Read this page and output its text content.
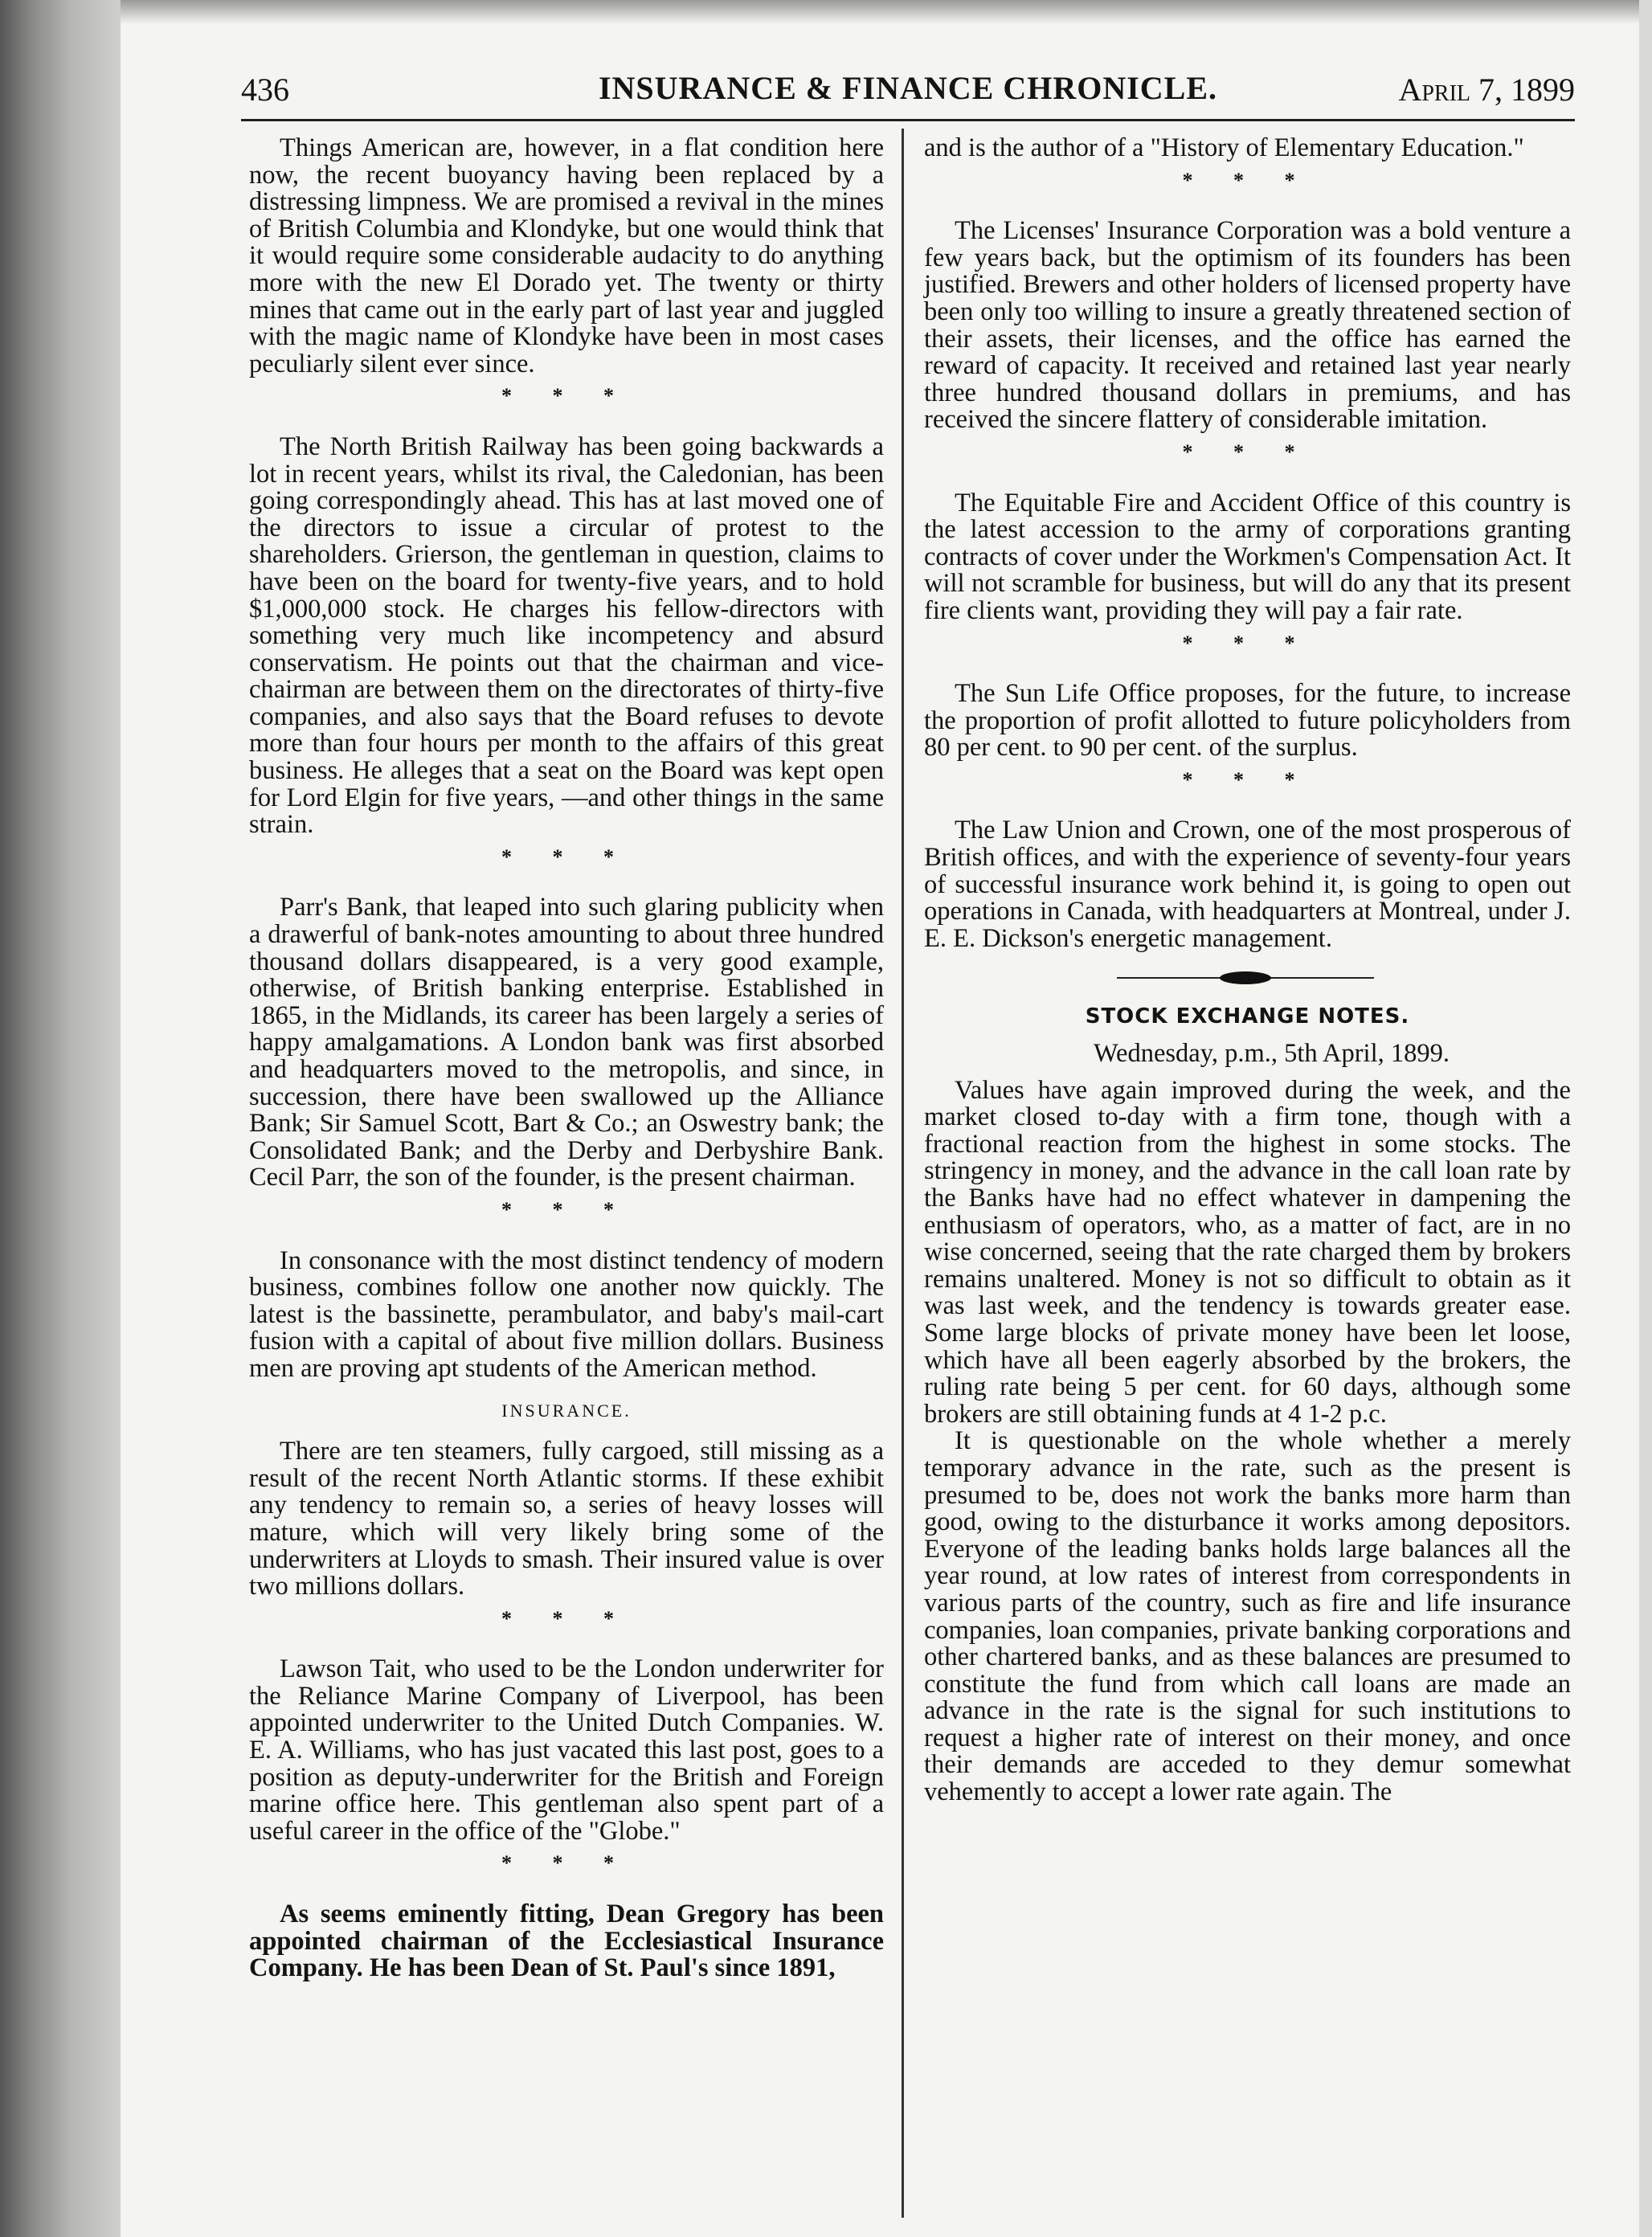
436	INSURANCE & FINANCE CHRONICLE.	April 7, 1899

Things American are, however, in a flat condition here now, the recent buoyancy having been replaced by a distressing limpness. We are promised a revival in the mines of British Columbia and Klondyke, but one would think that it would require some considerable audacity to do anything more with the new El Dorado yet. The twenty or thirty mines that came out in the early part of last year and juggled with the magic name of Klondyke have been in most cases peculiarly silent ever since.

* * *

The North British Railway has been going backwards a lot in recent years, whilst its rival, the Caledonian, has been going correspondingly ahead. This has at last moved one of the directors to issue a circular of protest to the shareholders. Grierson, the gentleman in question, claims to have been on the board for twenty-five years, and to hold $1,000,000 stock. He charges his fellow-directors with something very much like incompetency and absurd conservatism. He points out that the chairman and vice-chairman are between them on the directorates of thirty-five companies, and also says that the Board refuses to devote more than four hours per month to the affairs of this great business. He alleges that a seat on the Board was kept open for Lord Elgin for five years, —and other things in the same strain.

* * *

Parr's Bank, that leaped into such glaring publicity when a drawerful of bank-notes amounting to about three hundred thousand dollars disappeared, is a very good example, otherwise, of British banking enterprise. Established in 1865, in the Midlands, its career has been largely a series of happy amalgamations. A London bank was first absorbed and headquarters moved to the metropolis, and since, in succession, there have been swallowed up the Alliance Bank; Sir Samuel Scott, Bart & Co.; an Oswestry bank; the Consolidated Bank; and the Derby and Derbyshire Bank. Cecil Parr, the son of the founder, is the present chairman.

* * *

In consonance with the most distinct tendency of modern business, combines follow one another now quickly. The latest is the bassinette, perambulator, and baby's mail-cart fusion with a capital of about five million dollars. Business men are proving apt students of the American method.

INSURANCE.

There are ten steamers, fully cargoed, still missing as a result of the recent North Atlantic storms. If these exhibit any tendency to remain so, a series of heavy losses will mature, which will very likely bring some of the underwriters at Lloyds to smash. Their insured value is over two millions dollars.

* * *

Lawson Tait, who used to be the London underwriter for the Reliance Marine Company of Liverpool, has been appointed underwriter to the United Dutch Companies. W. E. A. Williams, who has just vacated this last post, goes to a position as deputy-underwriter for the British and Foreign marine office here. This gentleman also spent part of a useful career in the office of the "Globe."

* * *

As seems eminently fitting, Dean Gregory has been appointed chairman of the Ecclesiastical Insurance Company. He has been Dean of St. Paul's since 1891,

and is the author of a "History of Elementary Education."

* * *

The Licenses' Insurance Corporation was a bold venture a few years back, but the optimism of its founders has been justified. Brewers and other holders of licensed property have been only too willing to insure a greatly threatened section of their assets, their licenses, and the office has earned the reward of capacity. It received and retained last year nearly three hundred thousand dollars in premiums, and has received the sincere flattery of considerable imitation.

* * *

The Equitable Fire and Accident Office of this country is the latest accession to the army of corporations granting contracts of cover under the Workmen's Compensation Act. It will not scramble for business, but will do any that its present fire clients want, providing they will pay a fair rate.

* * *

The Sun Life Office proposes, for the future, to increase the proportion of profit allotted to future policyholders from 80 per cent. to 90 per cent. of the surplus.

* * *

The Law Union and Crown, one of the most prosperous of British offices, and with the experience of seventy-four years of successful insurance work behind it, is going to open out operations in Canada, with headquarters at Montreal, under J. E. E. Dickson's energetic management.

STOCK EXCHANGE NOTES.
Wednesday, p.m., 5th April, 1899.

Values have again improved during the week, and the market closed to-day with a firm tone, though with a fractional reaction from the highest in some stocks. The stringency in money, and the advance in the call loan rate by the Banks have had no effect whatever in dampening the enthusiasm of operators, who, as a matter of fact, are in no wise concerned, seeing that the rate charged them by brokers remains unaltered. Money is not so difficult to obtain as it was last week, and the tendency is towards greater ease. Some large blocks of private money have been let loose, which have all been eagerly absorbed by the brokers, the ruling rate being 5 per cent. for 60 days, although some brokers are still obtaining funds at 4 1-2 p.c.

It is questionable on the whole whether a merely temporary advance in the rate, such as the present is presumed to be, does not work the banks more harm than good, owing to the disturbance it works among depositors. Everyone of the leading banks holds large balances all the year round, at low rates of interest from correspondents in various parts of the country, such as fire and life insurance companies, loan companies, private banking corporations and other chartered banks, and as these balances are presumed to constitute the fund from which call loans are made an advance in the rate is the signal for such institutions to request a higher rate of interest on their money, and once their demands are acceded to they demur somewhat vehemently to accept a lower rate again. The
